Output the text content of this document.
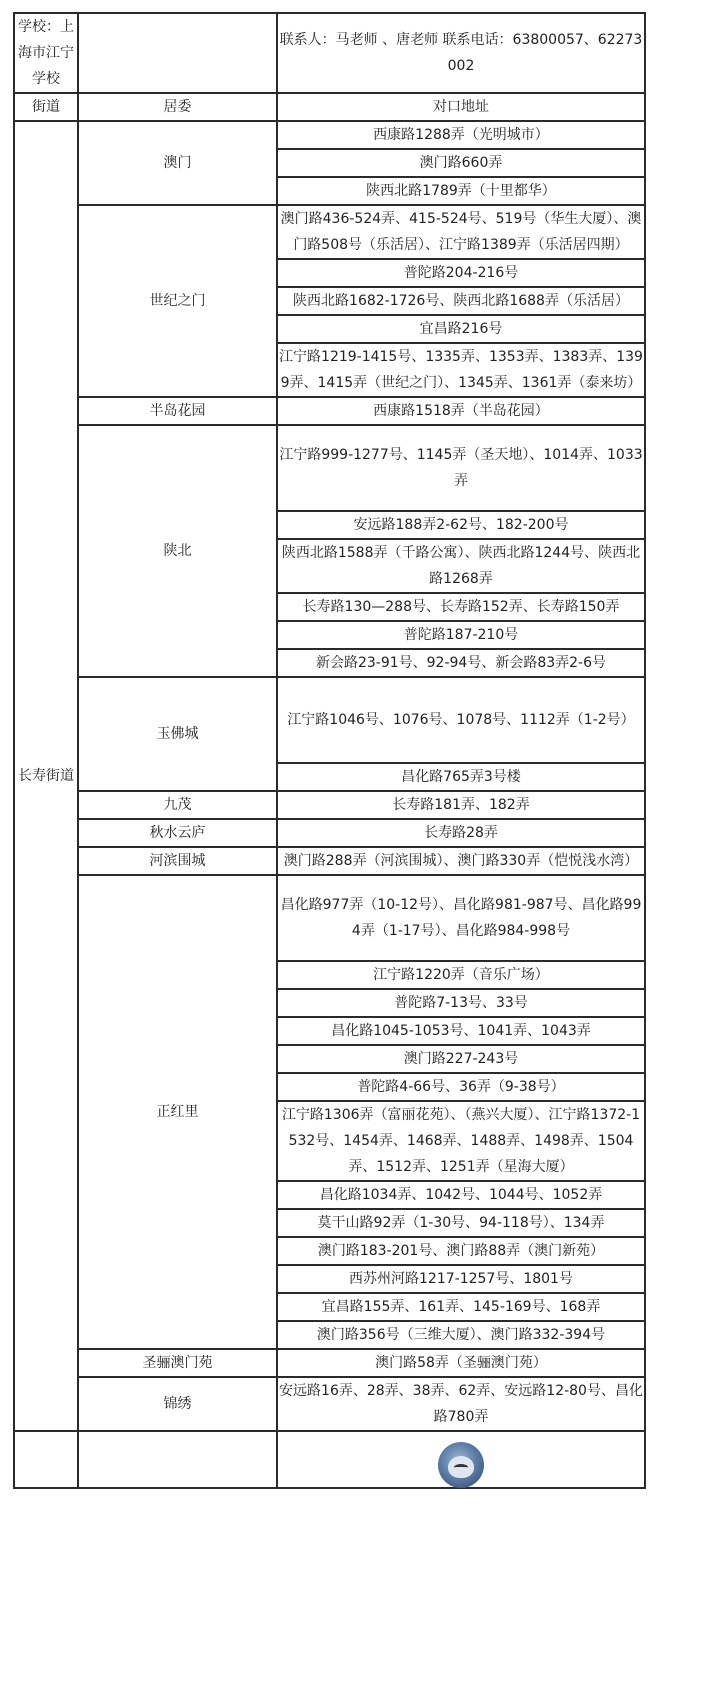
学校：上海市江宁学校		联系人：马老师 、唐老师 联系电话：63800057、62273002
街道	居委	对口地址
长寿街道	澳门	西康路1288弄（光明城市）
		澳门路660弄
		陕西北路1789弄（十里都华）
	世纪之门	澳门路436-524弄、415-524号、519号（华生大厦）、澳门路508号（乐活居）、江宁路1389弄（乐活居四期）
		普陀路204-216号
		陕西北路1682-1726号、陕西北路1688弄（乐活居）
		宜昌路216号
		江宁路1219-1415号、1335弄、1353弄、1383弄、1399弄、1415弄（世纪之门）、1345弄、1361弄（泰来坊）
	半岛花园	西康路1518弄（半岛花园）
	陕北	江宁路999-1277号、1145弄（圣天地）、1014弄、1033弄
		安远路188弄2-62号、182-200号
		陕西北路1588弄（千路公寓）、陕西北路1244号、陕西北路1268弄
		长寿路130—288号、长寿路152弄、长寿路150弄
		普陀路187-210号
		新会路23-91号、92-94号、新会路83弄2-6号
	玉佛城	江宁路1046号、1076号、1078号、1112弄（1-2号）
		昌化路765弄3号楼
	九茂	长寿路181弄、182弄
	秋水云庐	长寿路28弄
	河滨围城	澳门路288弄（河滨围城）、澳门路330弄（恺悦浅水湾）
	正红里	昌化路977弄（10-12号）、昌化路981-987号、昌化路994弄（1-17号）、昌化路984-998号
		江宁路1220弄（音乐广场）
		普陀路7-13号、33号
		昌化路1045-1053号、1041弄、1043弄
		澳门路227-243号
		普陀路4-66号、36弄（9-38号）
		江宁路1306弄（富丽花苑）、（燕兴大厦）、江宁路1372-1532号、1454弄、1468弄、1488弄、1498弄、1504弄、1512弄、1251弄（星海大厦）
		昌化路1034弄、1042号、1044号、1052弄
		莫干山路92弄（1-30号、94-118号）、134弄
		澳门路183-201号、澳门路88弄（澳门新苑）
		西苏州河路1217-1257号、1801号
		宜昌路155弄、161弄、145-169号、168弄
		澳门路356号（三维大厦）、澳门路332-394号
	圣骊澳门苑	澳门路58弄（圣骊澳门苑）
	锦绣	安远路16弄、28弄、38弄、62弄、安远路12-80号、昌化路780弄
